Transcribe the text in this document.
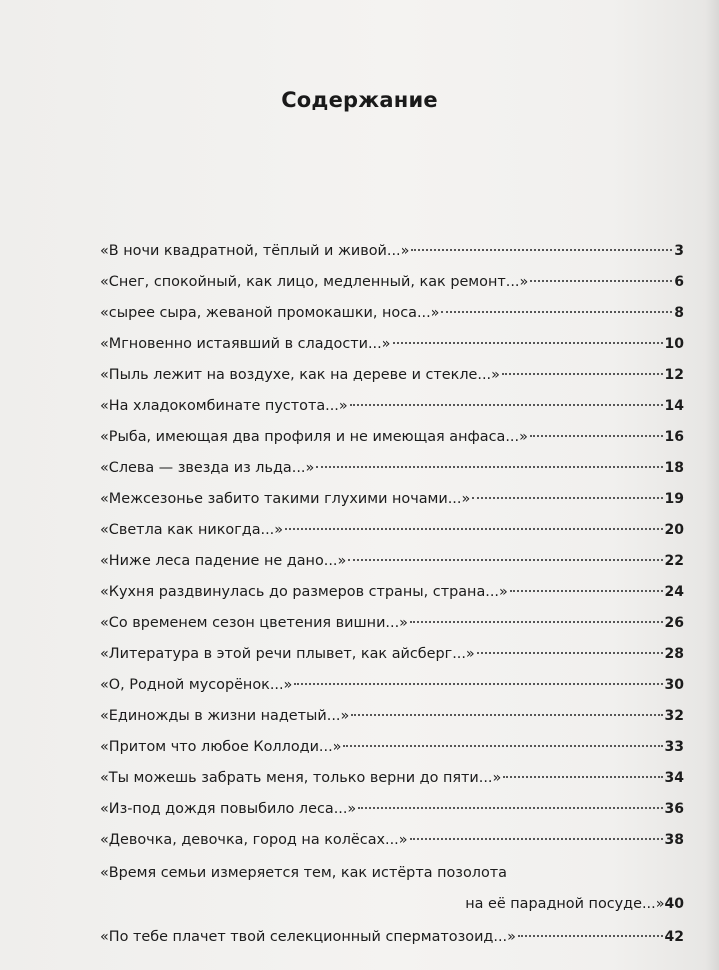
Содержание
«В ночи квадратной, тёплый и живой...»	3
«Снег, спокойный, как лицо, медленный, как ремонт...»	6
«сырее сыра, жеваной промокашки, носа...»	8
«Мгновенно истаявший в сладости...»	10
«Пыль лежит на воздухе, как на дереве и стекле...»	12
«На хладокомбинате пустота...»	14
«Рыба, имеющая два профиля и не имеющая анфаса...»	16
«Слева — звезда из льда...»	18
«Межсезонье забито такими глухими ночами...»	19
«Светла как никогда...»	20
«Ниже леса падение не дано...»	22
«Кухня раздвинулась до размеров страны, страна...»	24
«Со временем сезон цветения вишни...»	26
«Литература в этой речи плывет, как айсберг...»	28
«О, Родной мусорёнок...»	30
«Единожды в жизни надетый...»	32
«Притом что любое Коллоди...»	33
«Ты можешь забрать меня, только верни до пяти...»	34
«Из-под дождя повыбило леса...»	36
«Девочка, девочка, город на колёсах...»	38
«Время семьи измеряется тем, как истёрта позолота
на её парадной посуде...» 40
«По тебе плачет твой селекционный сперматозоид...»	42
